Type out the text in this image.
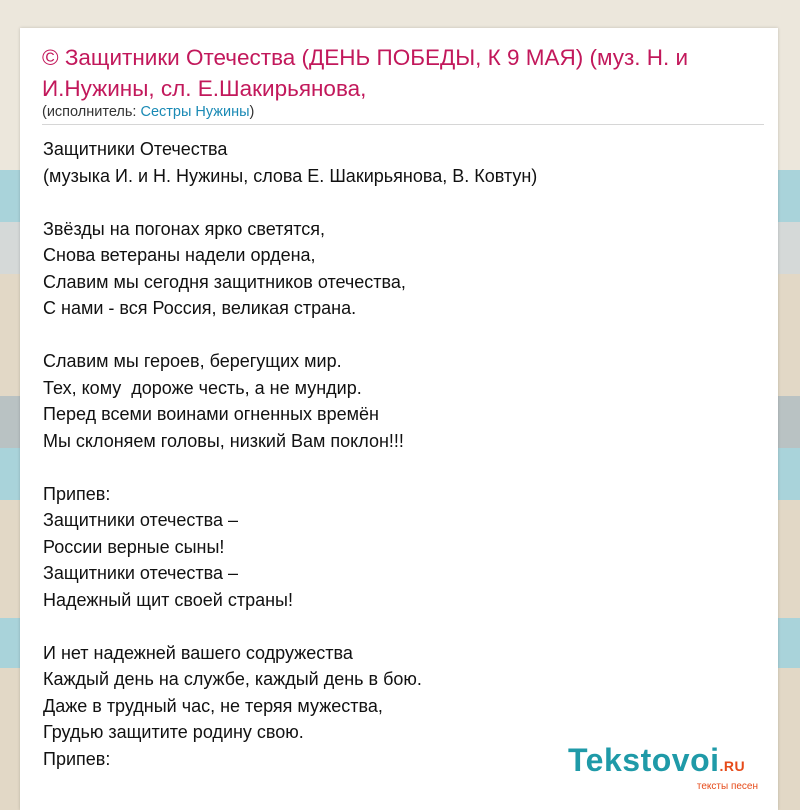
© Защитники Отечества (ДЕНЬ ПОБЕДЫ, К 9 МАЯ) (муз. Н. и И.Нужины, сл. Е.Шакирьянова,
(исполнитель: Сестры Нужины)
Защитники Отечества
(музыка И. и Н. Нужины, слова Е. Шакирьянова, В. Ковтун)
Звёзды на погонах ярко светятся,
Снова ветераны надели ордена,
Славим мы сегодня защитников отечества,
С нами - вся Россия, великая страна.
Славим мы героев, берегущих мир.
Тех, кому  дороже честь, а не мундир.
Перед всеми воинами огненных времён
Мы склоняем головы, низкий Вам поклон!!!
Припев:
Защитники отечества –
России верные сыны!
Защитники отечества –
Надежный щит своей страны!
И нет надежней вашего содружества
Каждый день на службе, каждый день в бою.
Даже в трудный час, не теряя мужества,
Грудью защитите родину свою.
Припев:	Tekstovoi.RU
тексты песен
